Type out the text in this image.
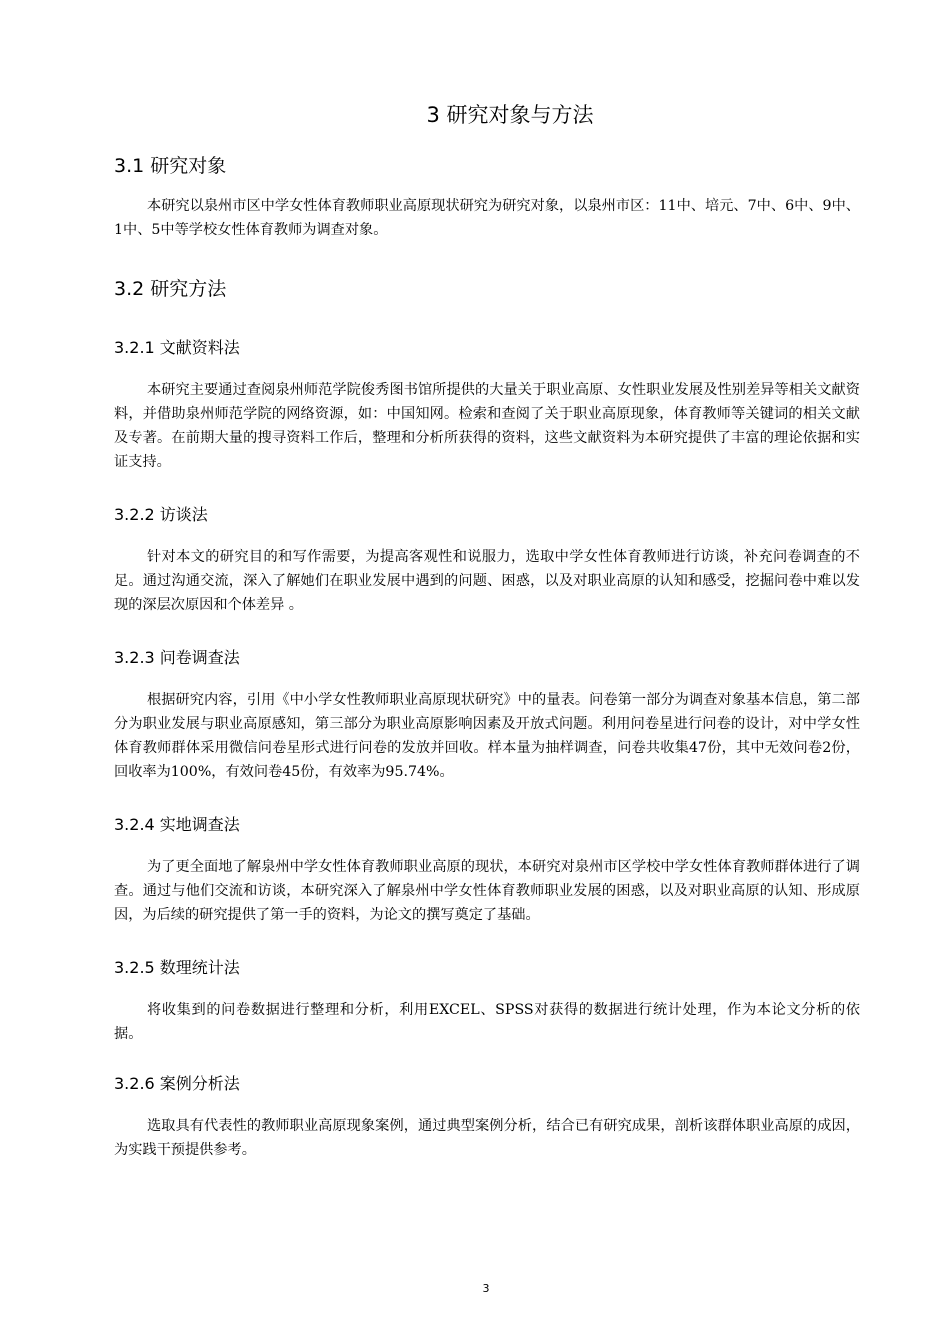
3 研究对象与方法
3.1 研究对象

本研究以泉州市区中学女性体育教师职业高原现状研究为研究对象，以泉州市区：11中、培元、7中、6中、9中、1中、5中等学校女性体育教师为调查对象。

3.2 研究方法
3.2.1 文献资料法

本研究主要通过查阅泉州师范学院俊秀图书馆所提供的大量关于职业高原、女性职业发展及性别差异等相关文献资料，并借助泉州师范学院的网络资源，如：中国知网。检索和查阅了关于职业高原现象，体育教师等关键词的相关文献及专著。在前期大量的搜寻资料工作后，整理和分析所获得的资料，这些文献资料为本研究提供了丰富的理论依据和实证支持。

3.2.2 访谈法

针对本文的研究目的和写作需要，为提高客观性和说服力，选取中学女性体育教师进行访谈，补充问卷调查的不足。通过沟通交流，深入了解她们在职业发展中遇到的问题、困惑，以及对职业高原的认知和感受，挖掘问卷中难以发现的深层次原因和个体差异 。

3.2.3 问卷调查法

根据研究内容，引用《中小学女性教师职业高原现状研究》中的量表。问卷第一部分为调查对象基本信息，第二部分为职业发展与职业高原感知，第三部分为职业高原影响因素及开放式问题。利用问卷星进行问卷的设计，对中学女性体育教师群体采用微信问卷星形式进行问卷的发放并回收。样本量为抽样调查，问卷共收集47份，其中无效问卷2份，回收率为100%，有效问卷45份，有效率为95.74%。

3.2.4 实地调查法

为了更全面地了解泉州中学女性体育教师职业高原的现状，本研究对泉州市区学校中学女性体育教师群体进行了调查。通过与他们交流和访谈，本研究深入了解泉州中学女性体育教师职业发展的困惑，以及对职业高原的认知、形成原因，为后续的研究提供了第一手的资料，为论文的撰写奠定了基础。

3.2.5 数理统计法

将收集到的问卷数据进行整理和分析，利用EXCEL、SPSS对获得的数据进行统计处理，作为本论文分析的依据。

3.2.6 案例分析法

选取具有代表性的教师职业高原现象案例，通过典型案例分析，结合已有研究成果，剖析该群体职业高原的成因，为实践干预提供参考。

3
